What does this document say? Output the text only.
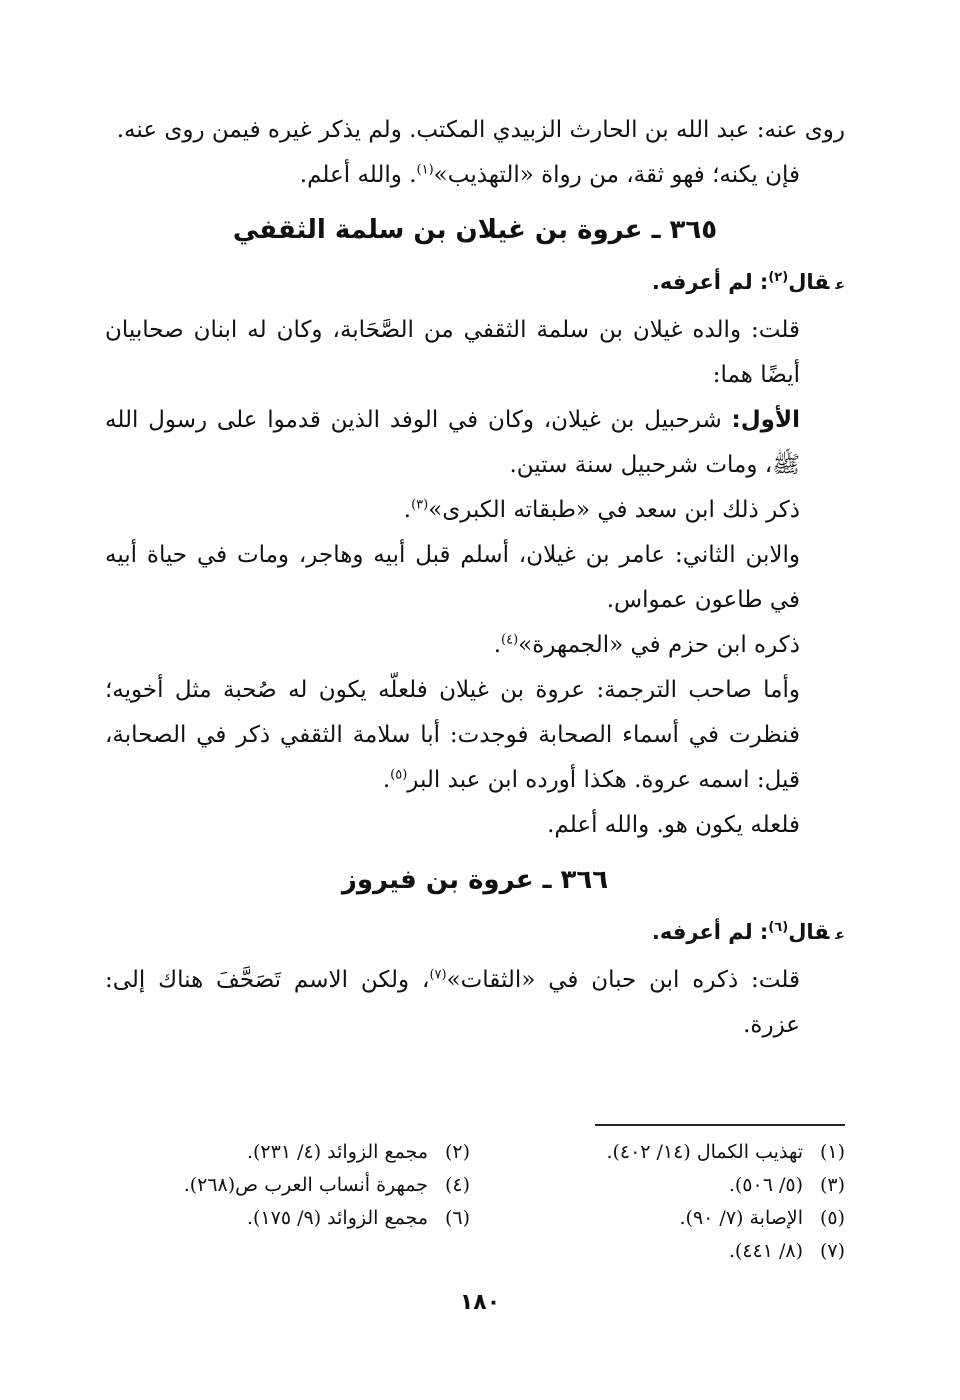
روى عنه: عبد الله بن الحارث الزبيدي المكتب. ولم يذكر غيره فيمن روى عنه.

فإن يكنه؛ فهو ثقة، من رواة «التهذيب»$^{(١)}$. والله أعلم.

٣٦٥ ـ عروة بن غيلان بن سلمة الثقفي

عقال$^{(٢)}$: لم أعرفه.

قلت: والده غيلان بن سلمة الثقفي من الصَّحَابة، وكان له ابنان صحابيان أيضًا هما:

الأول: شرحبيل بن غيلان، وكان في الوفد الذين قدموا على رسول الله ﷺ، ومات شرحبيل سنة ستين.

ذكر ذلك ابن سعد في «طبقاته الكبرى»$^{(٣)}$.

والابن الثاني: عامر بن غيلان، أسلم قبل أبيه وهاجر، ومات في حياة أبيه في طاعون عمواس.

ذكره ابن حزم في «الجمهرة»$^{(٤)}$.

وأما صاحب الترجمة: عروة بن غيلان فلعلّه يكون له صُحبة مثل أخويه؛ فنظرت في أسماء الصحابة فوجدت: أبا سلامة الثقفي ذكر في الصحابة، قيل: اسمه عروة. هكذا أورده ابن عبد البر$^{(٥)}$.

فلعله يكون هو. والله أعلم.

٣٦٦ ـ عروة بن فيروز

عقال$^{(٦)}$: لم أعرفه.

قلت: ذكره ابن حبان في «الثقات»$^{(٧)}$، ولكن الاسم تَصَحَّفَ هناك إلى: عزرة.

(١)تهذيب الكمال (١٤/ ٤٠٢).
(٢)مجمع الزوائد (٤/ ٢٣١).
(٣)(٥/ ٥٠٦).
(٤)جمهرة أنساب العرب ص(٢٦٨).
(٥)الإصابة (٧/ ٩٠).
(٦)مجمع الزوائد (٩/ ١٧٥).
(٧)(٨/ ٤٤١).
١٨٠
